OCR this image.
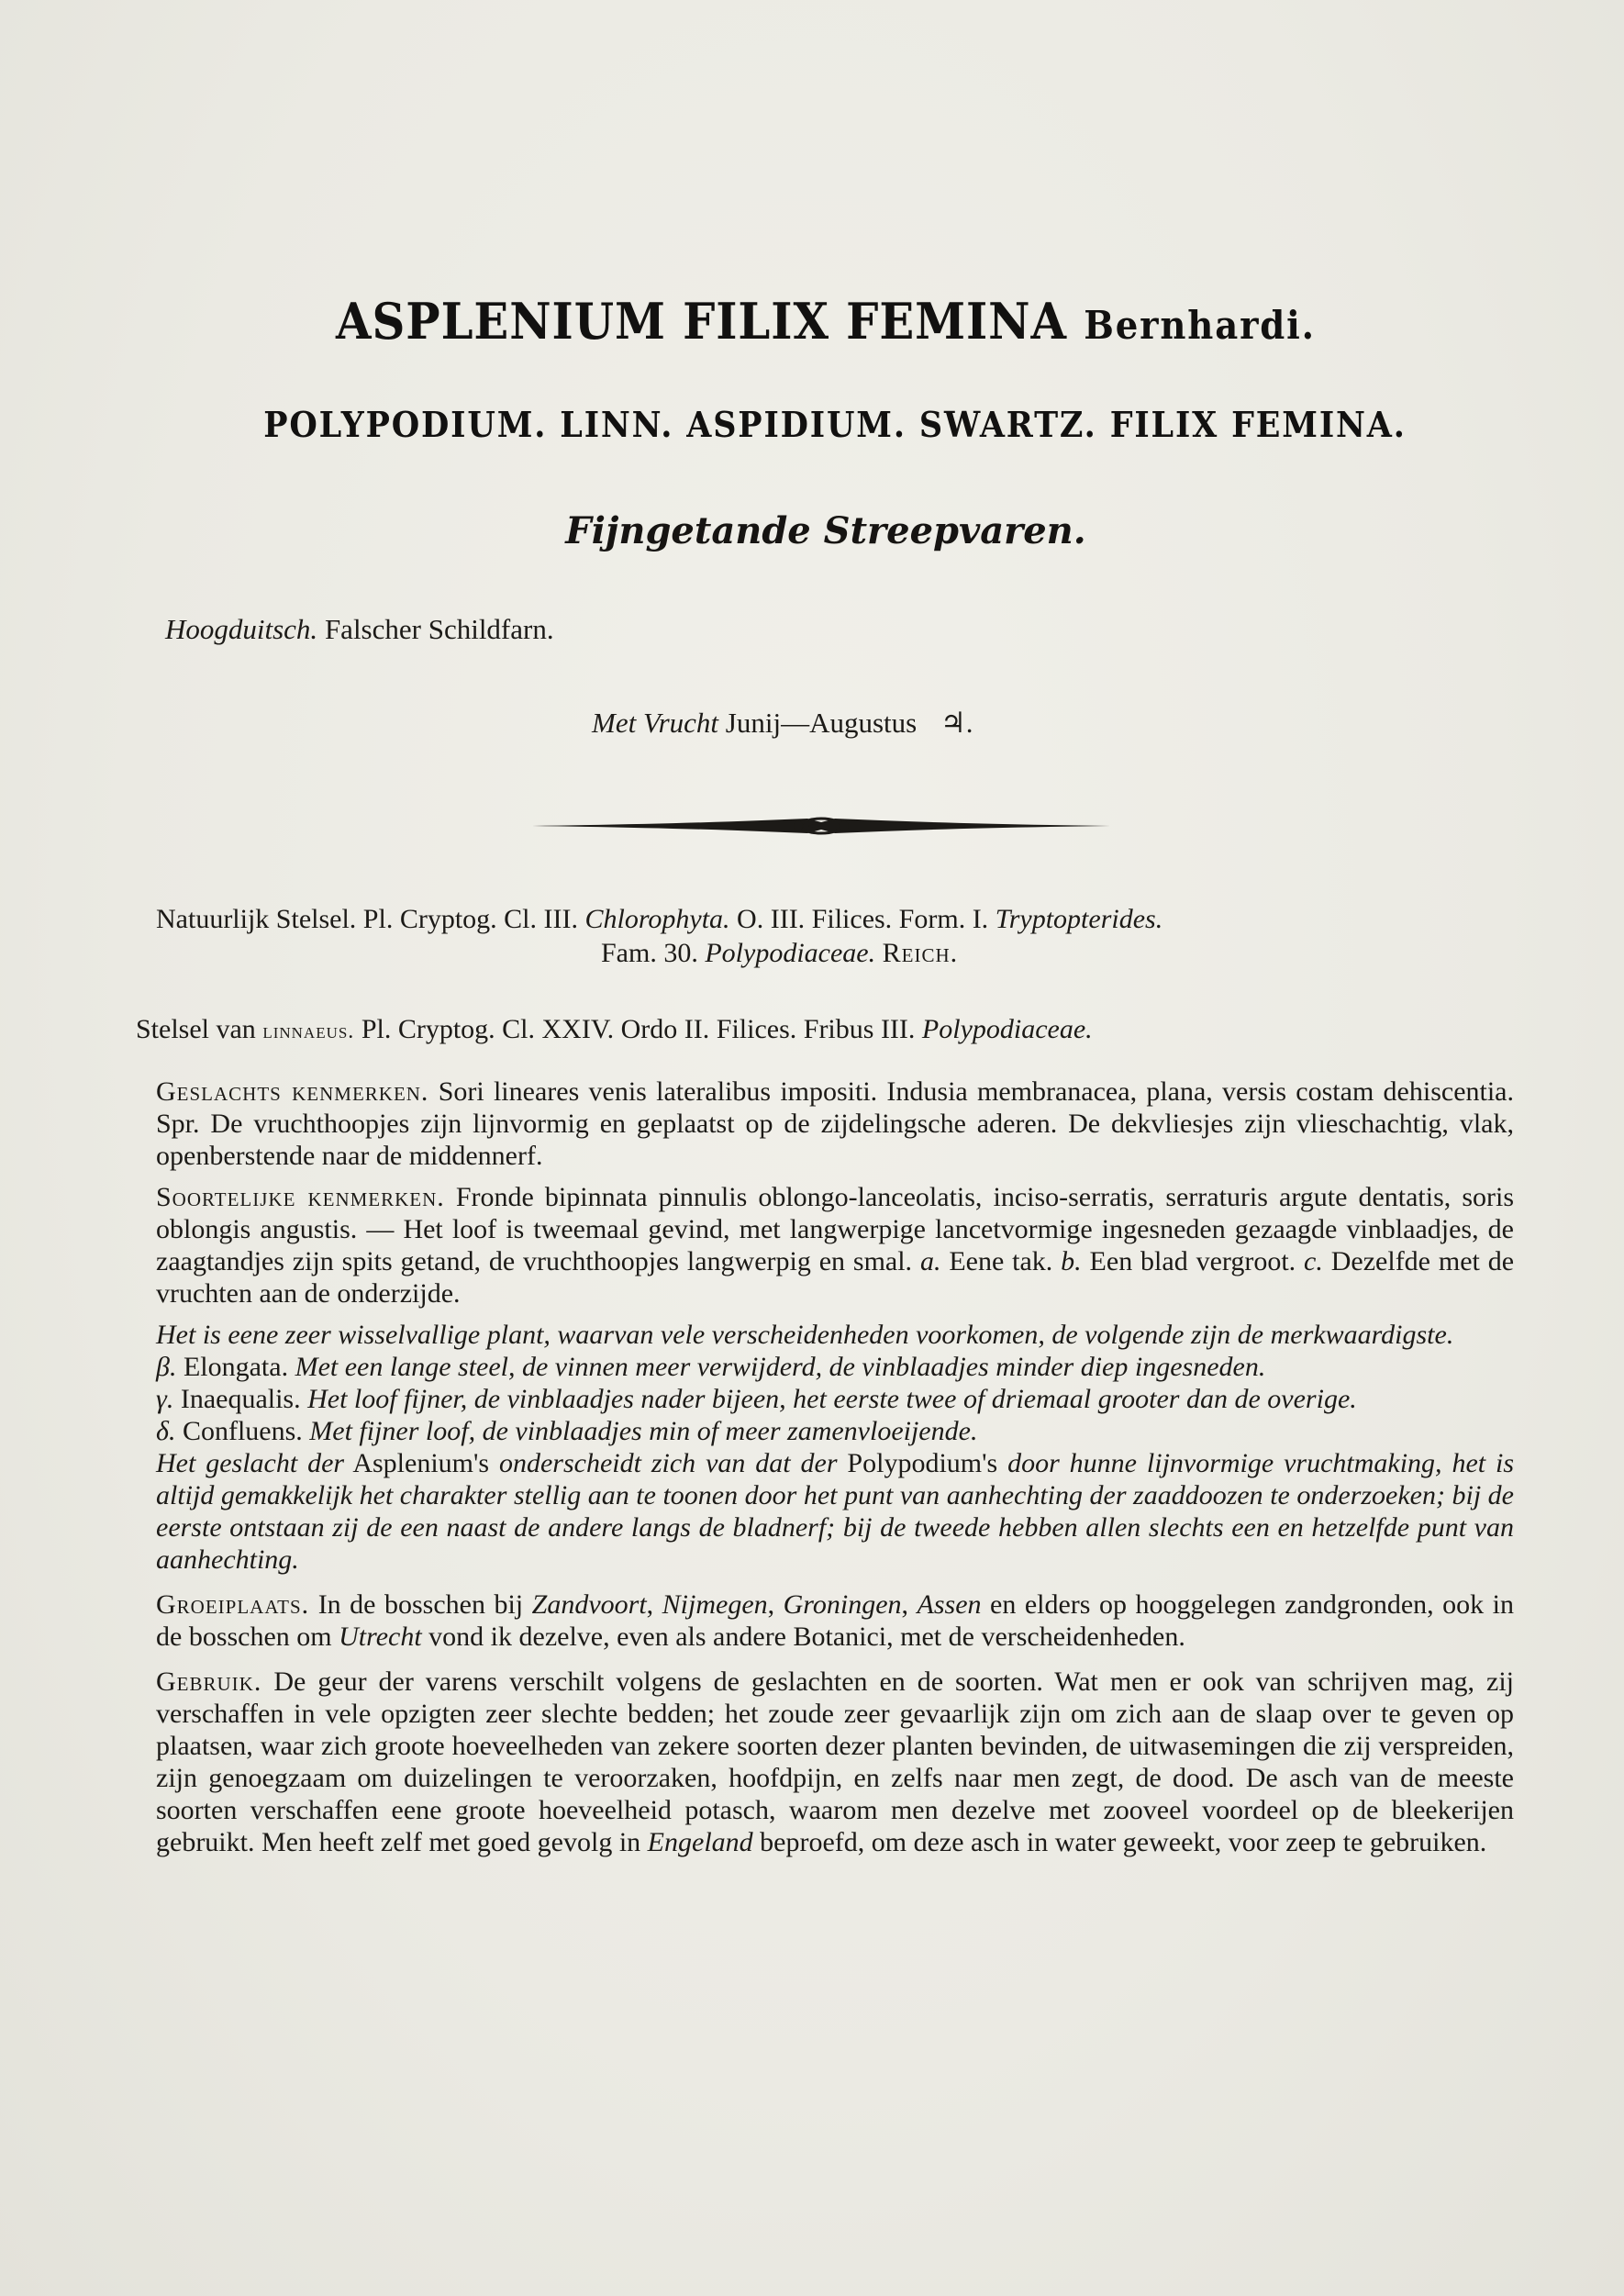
ASPLENIUM FILIX FEMINA Bernhardi.
POLYPODIUM. LINN. ASPIDIUM. SWARTZ. FILIX FEMINA.
Fijngetande Streepvaren.
Hoogduitsch. Falscher Schildfarn.
Met Vrucht Junij—Augustus ♃.
Natuurlijk Stelsel. Pl. Cryptog. Cl. III. Chlorophyta. O. III. Filices. Form. I. Tryptopterides.
Fam. 30. Polypodiaceae. Reich.
Stelsel van linnaeus. Pl. Cryptog. Cl. XXIV. Ordo II. Filices. Fribus III. Polypodiaceae.

Geslachts kenmerken. Sori lineares venis lateralibus impositi. Indusia membranacea, plana, versis costam dehiscentia. Spr. De vruchthoopjes zijn lijnvormig en geplaatst op de zijdelingsche aderen. De dekvliesjes zijn vlieschachtig, vlak, openberstende naar de middennerf.

Soortelijke kenmerken. Fronde bipinnata pinnulis oblongo-lanceolatis, inciso-serratis, serraturis argute dentatis, soris oblongis angustis. — Het loof is tweemaal gevind, met langwerpige lancetvormige ingesneden gezaagde vinblaadjes, de zaagtandjes zijn spits getand, de vruchthoopjes langwerpig en smal. a. Eene tak. b. Een blad vergroot. c. Dezelfde met de vruchten aan de onderzijde.

Het is eene zeer wisselvallige plant, waarvan vele verscheidenheden voorkomen, de volgende zijn de merkwaardigste.

β. Elongata. Met een lange steel, de vinnen meer verwijderd, de vinblaadjes minder diep ingesneden.

γ. Inaequalis. Het loof fijner, de vinblaadjes nader bijeen, het eerste twee of driemaal grooter dan de overige.

δ. Confluens. Met fijner loof, de vinblaadjes min of meer zamenvloeijende.

Het geslacht der Asplenium's onderscheidt zich van dat der Polypodium's door hunne lijnvormige vruchtmaking, het is altijd gemakkelijk het charakter stellig aan te toonen door het punt van aanhechting der zaaddoozen te onderzoeken; bij de eerste ontstaan zij de een naast de andere langs de bladnerf; bij de tweede hebben allen slechts een en hetzelfde punt van aanhechting.

Groeiplaats. In de bosschen bij Zandvoort, Nijmegen, Groningen, Assen en elders op hooggelegen zandgronden, ook in de bosschen om Utrecht vond ik dezelve, even als andere Botanici, met de verscheidenheden.

Gebruik. De geur der varens verschilt volgens de geslachten en de soorten. Wat men er ook van schrijven mag, zij verschaffen in vele opzigten zeer slechte bedden; het zoude zeer gevaarlijk zijn om zich aan de slaap over te geven op plaatsen, waar zich groote hoeveelheden van zekere soorten dezer planten bevinden, de uitwasemingen die zij verspreiden, zijn genoegzaam om duizelingen te veroorzaken, hoofdpijn, en zelfs naar men zegt, de dood. De asch van de meeste soorten verschaffen eene groote hoeveelheid potasch, waarom men dezelve met zooveel voordeel op de bleekerijen gebruikt. Men heeft zelf met goed gevolg in Engeland beproefd, om deze asch in water geweekt, voor zeep te gebruiken.
